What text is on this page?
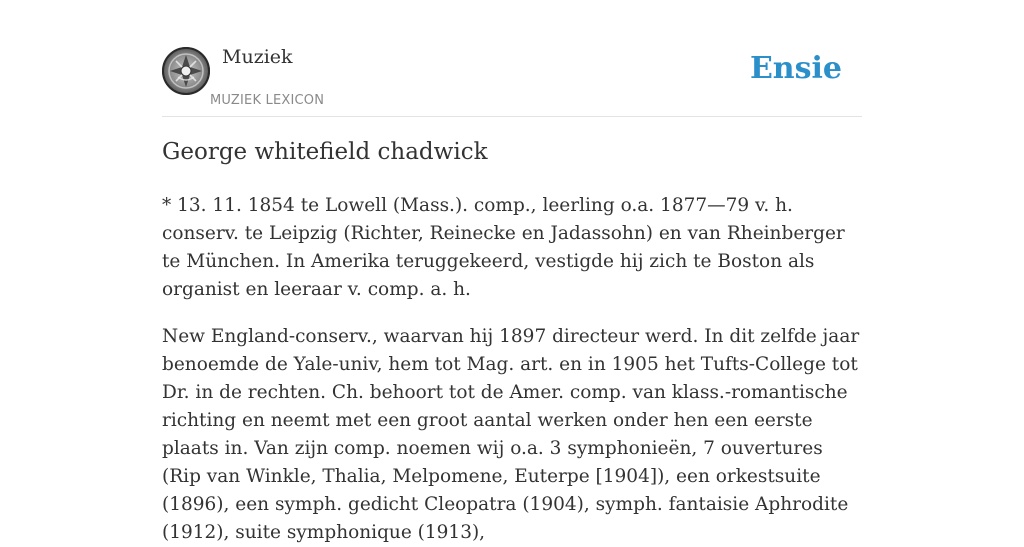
Muziek
MUZIEK LEXICON
Ensie
George whitefield chadwick

* 13. 11. 1854 te Lowell (Mass.). comp., leerling o.a. 1877—79 v. h. conserv. te Leipzig (Richter, Reinecke en Jadassohn) en van Rheinberger te München. In Amerika teruggekeerd, vestigde hij zich te Boston als organist en leeraar v. comp. a. h.

New England-conserv., waarvan hij 1897 directeur werd. In dit zelfde jaar benoemde de Yale-univ, hem tot Mag. art. en in 1905 het Tufts-College tot Dr. in de rechten. Ch. behoort tot de Amer. comp. van klass.-romantische richting en neemt met een groot aantal werken onder hen een eerste plaats in. Van zijn comp. noemen wij o.a. 3 symphonieën, 7 ouvertures (Rip van Winkle, Thalia, Melpomene, Euterpe [1904]), een orkestsuite (1896), een symph. gedicht Cleopatra (1904), symph. fantaisie Aphrodite (1912), suite symphonique (1913),
